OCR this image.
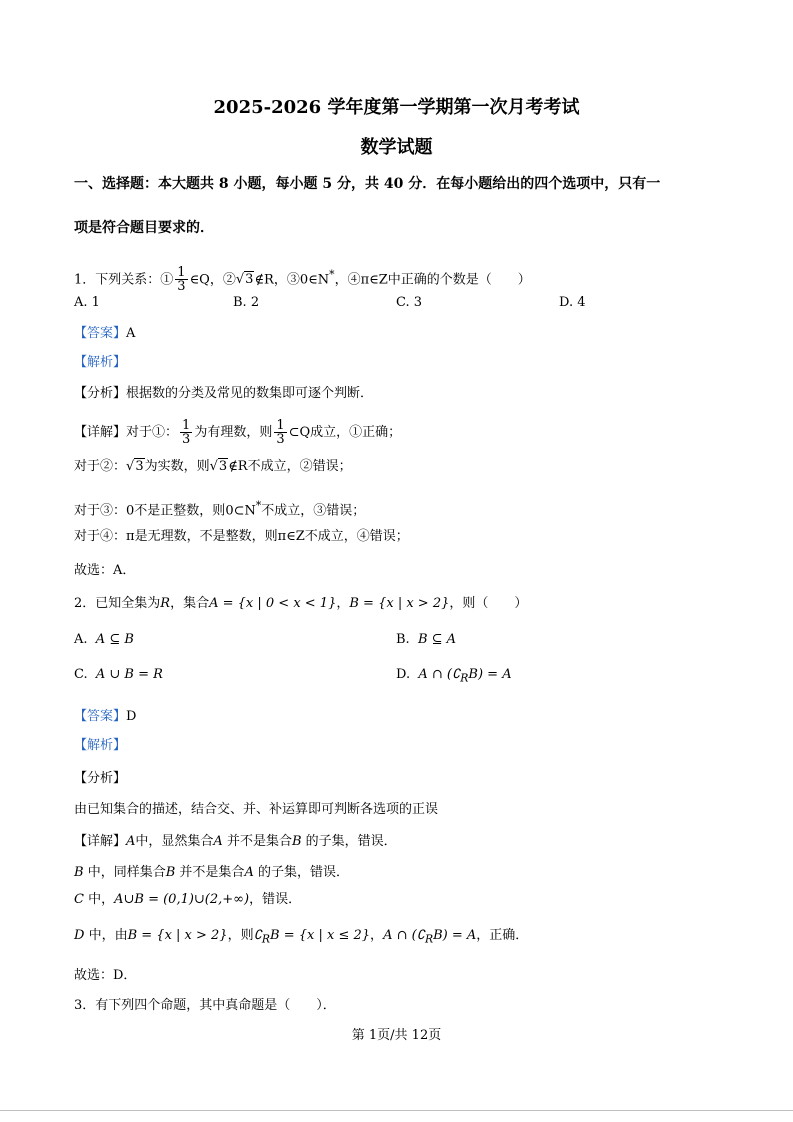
2025-2026 学年度第一学期第一次月考考试
数学试题
一、选择题：本大题共 8 小题，每小题 5 分，共 40 分．在每小题给出的四个选项中，只有一
项是符合题目要求的．
1．下列关系：① $\frac{1}{3}$ ∈Q，②√3∉R，③0∈N*，④π∈Z中正确的个数是（　　）
A. 1	B. 2	C. 3	D. 4
【答案】A
【解析】
【分析】根据数的分类及常见的数集即可逐个判断．
【详解】对于①： $\frac{1}{3}$ 为有理数，则 $\frac{1}{3}$ ⊂Q成立，①正确；
对于②：√3为实数，则√3∉R不成立，②错误；
对于③：0不是正整数，则0⊂N*不成立，③错误；
对于④：π是无理数，不是整数，则π∈Z不成立，④错误；
故选：A．
2．已知全集为R，集合A = {x | 0 < x < 1}，B = {x | x > 2}，则（　　）
A. A ⊆ B	B. B ⊆ A
C. A ∪ B = R	D. A ∩ $(∁_RB) = A$
【答案】D
【解析】
【分析】
由已知集合的描述，结合交、并、补运算即可判断各选项的正误
【详解】A中，显然集合A 并不是集合B 的子集，错误．
B 中，同样集合B 并不是集合A 的子集，错误．
C 中，A∪B = (0,1)∪(2,+∞)，错误．
D 中，由B = {x | x > 2}，则$∁_RB = \{x$ | x ≤ 2}，A ∩ $(∁_RB) = A$，正确．
故选：D．
3．有下列四个命题，其中真命题是（　　）．
第 1页/共 12页
